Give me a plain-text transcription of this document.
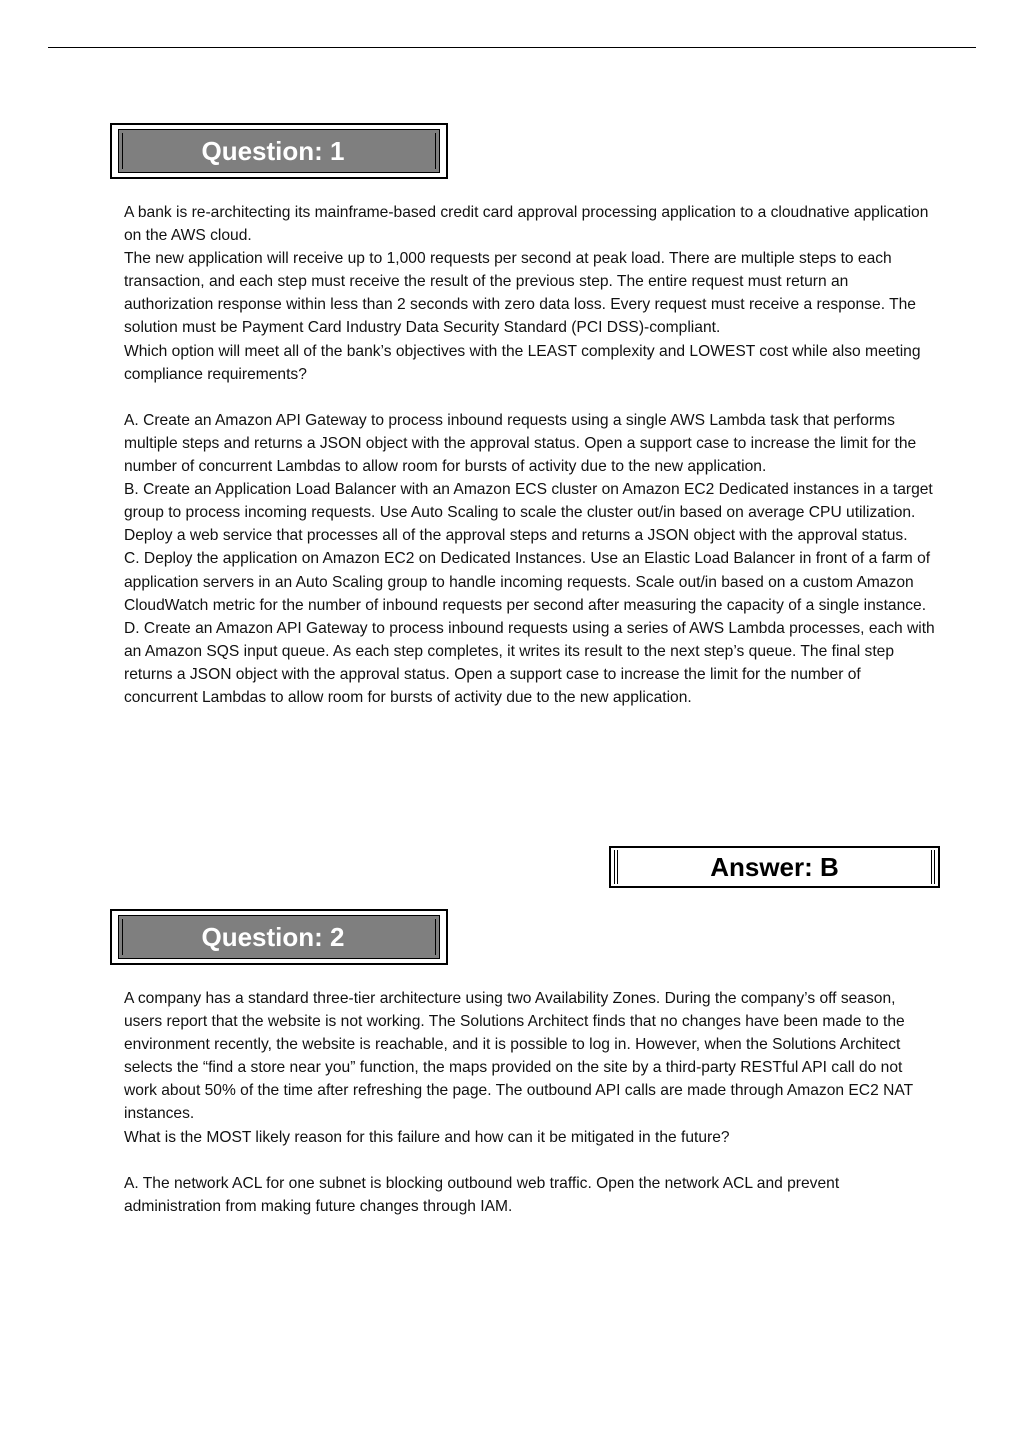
Question: 1

A bank is re-architecting its mainframe-based credit card approval processing application to a cloudnative application on the AWS cloud.

The new application will receive up to 1,000 requests per second at peak load. There are multiple steps to each transaction, and each step must receive the result of the previous step. The entire request must return an authorization response within less than 2 seconds with zero data loss. Every request must receive a response. The solution must be Payment Card Industry Data Security Standard (PCI DSS)-compliant.

Which option will meet all of the bank’s objectives with the LEAST complexity and LOWEST cost while also meeting compliance requirements?

A. Create an Amazon API Gateway to process inbound requests using a single AWS Lambda task that performs multiple steps and returns a JSON object with the approval status. Open a support case to increase the limit for the number of concurrent Lambdas to allow room for bursts of activity due to the new application.

B. Create an Application Load Balancer with an Amazon ECS cluster on Amazon EC2 Dedicated instances in a target group to process incoming requests. Use Auto Scaling to scale the cluster out/in based on average CPU utilization. Deploy a web service that processes all of the approval steps and returns a JSON object with the approval status.

C. Deploy the application on Amazon EC2 on Dedicated Instances. Use an Elastic Load Balancer in front of a farm of application servers in an Auto Scaling group to handle incoming requests. Scale out/in based on a custom Amazon CloudWatch metric for the number of inbound requests per second after measuring the capacity of a single instance.

D. Create an Amazon API Gateway to process inbound requests using a series of AWS Lambda processes, each with an Amazon SQS input queue. As each step completes, it writes its result to the next step’s queue. The final step returns a JSON object with the approval status. Open a support case to increase the limit for the number of concurrent Lambdas to allow room for bursts of activity due to the new application.

Answer: B
Question: 2

A company has a standard three-tier architecture using two Availability Zones. During the company’s off season, users report that the website is not working. The Solutions Architect finds that no changes have been made to the environment recently, the website is reachable, and it is possible to log in. However, when the Solutions Architect selects the “find a store near you” function, the maps provided on the site by a third-party RESTful API call do not work about 50% of the time after refreshing the page. The outbound API calls are made through Amazon EC2 NAT instances.

What is the MOST likely reason for this failure and how can it be mitigated in the future?

A. The network ACL for one subnet is blocking outbound web traffic. Open the network ACL and prevent administration from making future changes through IAM.
